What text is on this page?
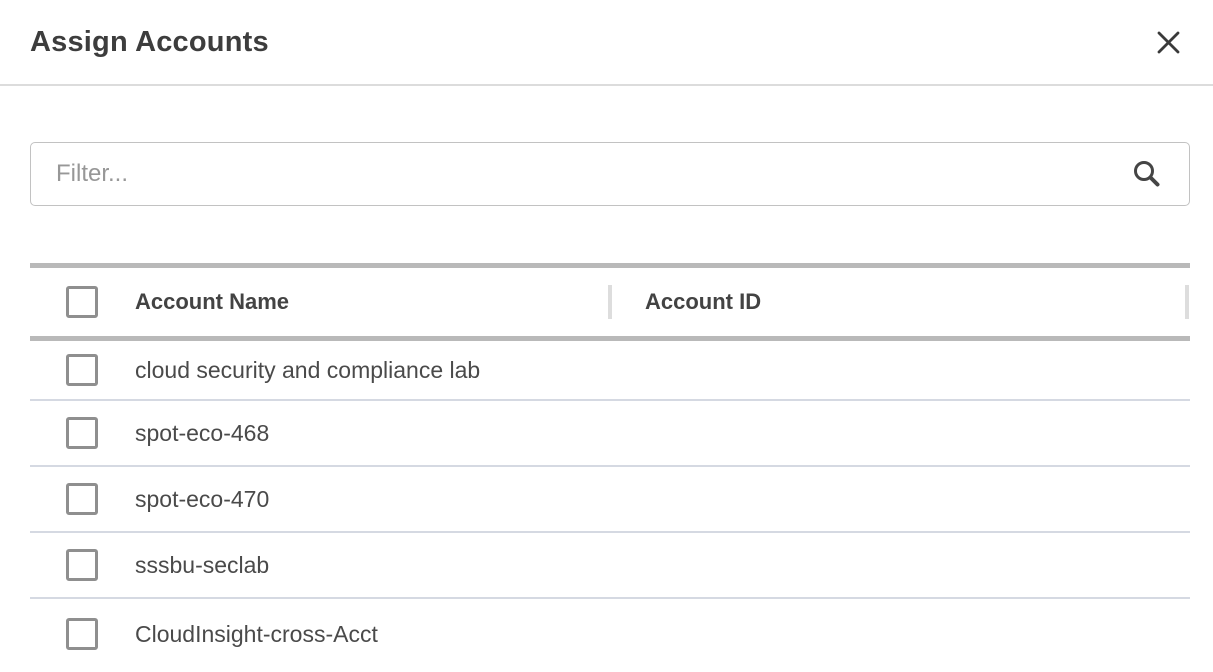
Assign Accounts
Filter...
Account Name	Account ID
cloud security and compliance lab
spot-eco-468
spot-eco-470
sssbu-seclab
CloudInsight-cross-Acct
